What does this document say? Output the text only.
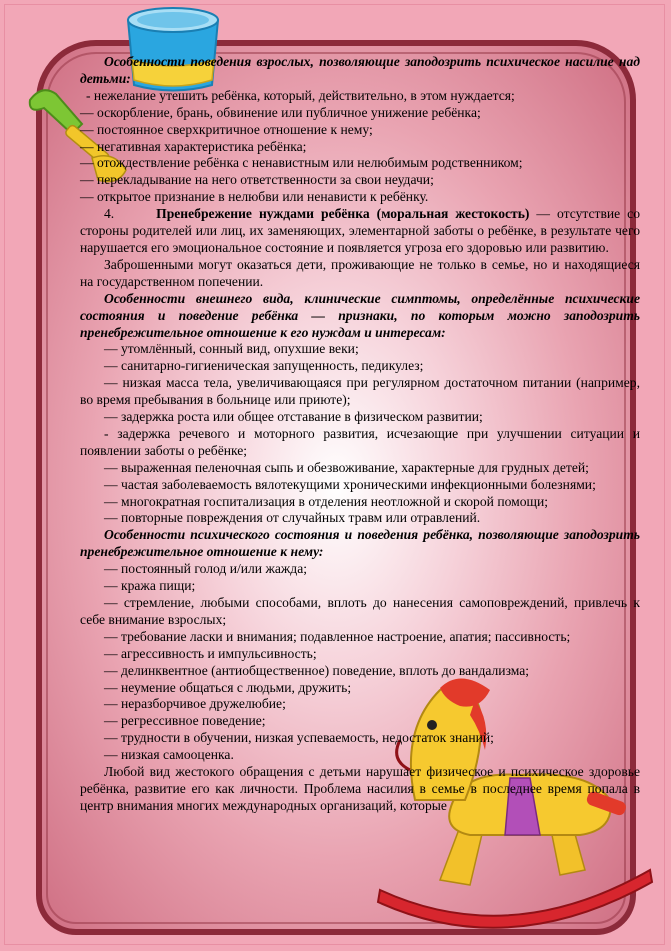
Особенности поведения взрослых, позволяющие заподозрить психическое насилие над детьми:

- нежелание утешить ребёнка, который, действительно, в этом нуждается;

— оскорбление, брань, обвинение или публичное унижение ребёнка;

— постоянное сверхкритичное отношение к нему;

— негативная характеристика ребёнка;

— отождествление ребёнка с ненавистным или нелюбимым родственником;

— перекладывание на него ответственности за свои неудачи;

— открытое признание в нелюбви или ненависти к ребёнку.

4.	Пренебрежение нуждами ребёнка (моральная жестокость) — отсутствие со стороны родителей или лиц, их заменяющих, элементарной заботы о ребёнке, в результате чего нарушается его эмоциональное состояние и появляется угроза его здоровью или развитию.

Заброшенными могут оказаться дети, проживающие не только в семье, но и находящиеся на государственном попечении.

Особенности внешнего вида, клинические симптомы, определённые психические состояния и поведение ребёнка — признаки, по которым можно заподозрить пренебрежительное отношение к его нуждам и интересам:

— утомлённый, сонный вид, опухшие веки;

— санитарно-гигиеническая запущенность, педикулез;

— низкая масса тела, увеличивающаяся при регулярном достаточном питании (например, во время пребывания в больнице или приюте);

— задержка роста или общее отставание в физическом развитии;

- задержка речевого и моторного развития, исчезающие при улучшении ситуации и появлении заботы о ребёнке;

— выраженная пеленочная сыпь и обезвоживание, характерные для грудных детей;

— частая заболеваемость вялотекущими хроническими инфекционными болезнями;

— многократная госпитализация в отделения неотложной и скорой помощи;

— повторные повреждения от случайных травм или отравлений.

Особенности психического состояния и поведения ребёнка, позволяющие заподозрить пренебрежительное отношение к нему:

— постоянный голод и/или жажда;

— кража пищи;

— стремление, любыми способами, вплоть до нанесения самоповреждений, привлечь к себе внимание взрослых;

— требование ласки и внимания; подавленное настроение, апатия; пассивность;

— агрессивность и импульсивность;

— делинквентное (антиобщественное) поведение, вплоть до вандализма;

— неумение общаться с людьми, дружить;

— неразборчивое дружелюбие;

— регрессивное поведение;

— трудности в обучении, низкая успеваемость, недостаток знаний;

— низкая самооценка.

Любой вид жестокого обращения с детьми нарушает физическое и психическое здоровье ребёнка, развитие его как личности. Проблема насилия в семье в последнее время попала в центр внимания многих международных организаций, которые
